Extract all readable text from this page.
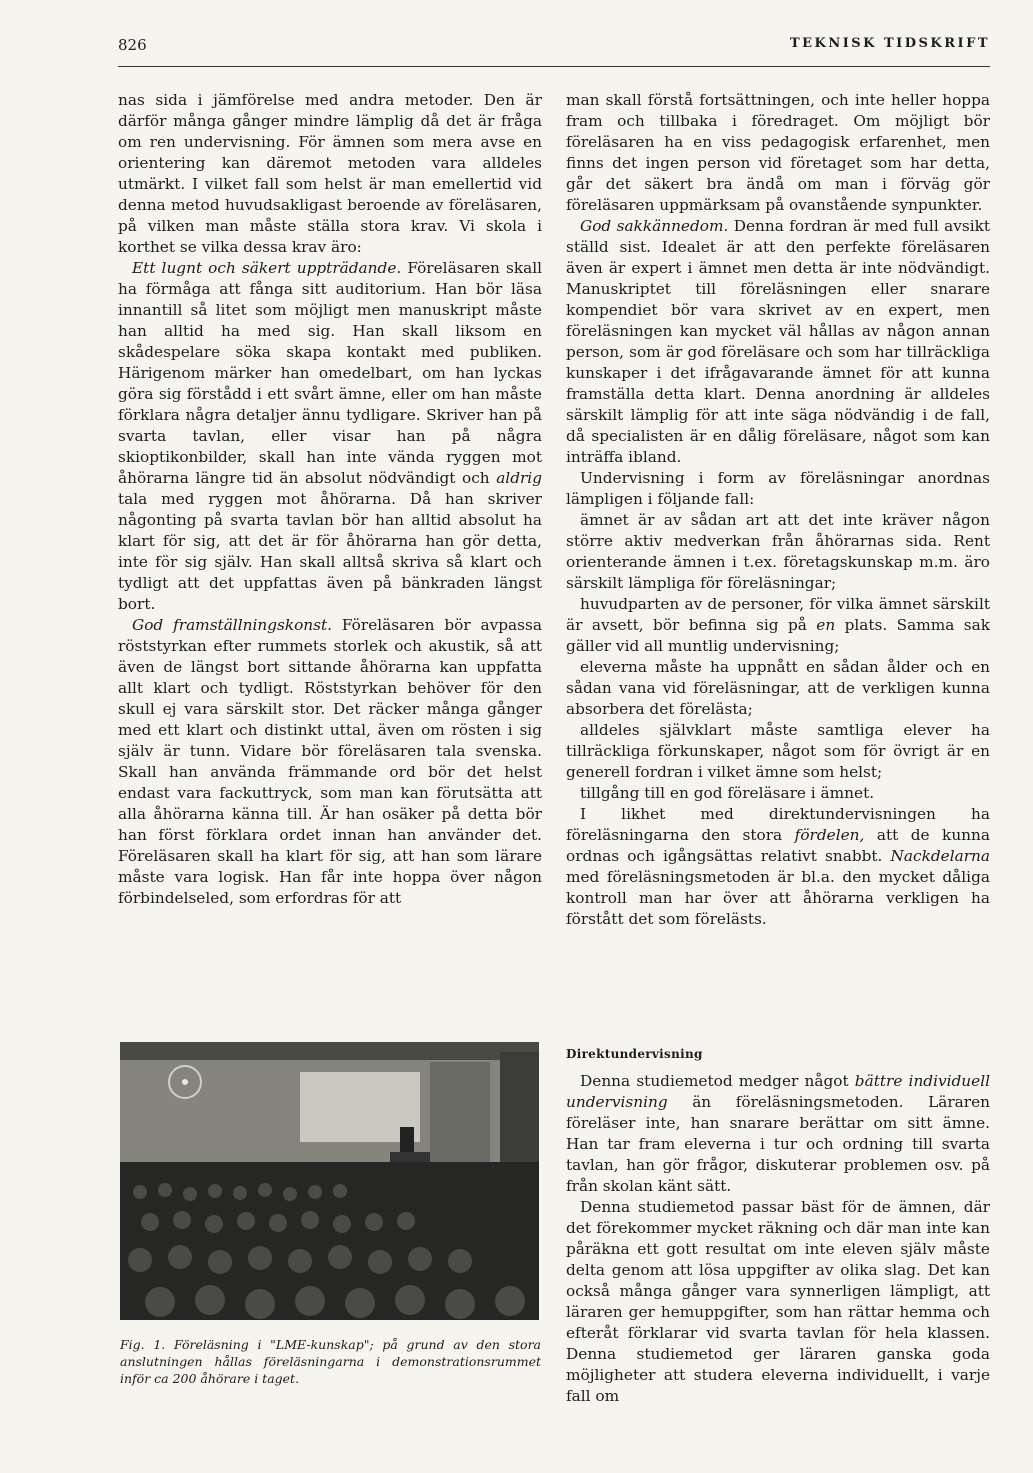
826	TEKNISK TIDSKRIFT

nas sida i jämförelse med andra metoder. Den är därför många gånger mindre lämplig då det är fråga om ren undervisning. För ämnen som mera avse en orientering kan däremot metoden vara alldeles utmärkt. I vilket fall som helst är man emellertid vid denna metod huvudsakligast beroende av föreläsaren, på vilken man måste ställa stora krav. Vi skola i korthet se vilka dessa krav äro:

Ett lugnt och säkert uppträdande. Föreläsaren skall ha förmåga att fånga sitt auditorium. Han bör läsa innantill så litet som möjligt men manuskript måste han alltid ha med sig. Han skall liksom en skådespelare söka skapa kontakt med publiken. Härigenom märker han omedelbart, om han lyckas göra sig förstådd i ett svårt ämne, eller om han måste förklara några detaljer ännu tydligare. Skriver han på svarta tavlan, eller visar han på några skioptikonbilder, skall han inte vända ryggen mot åhörarna längre tid än absolut nödvändigt och aldrig tala med ryggen mot åhörarna. Då han skriver någonting på svarta tavlan bör han alltid absolut ha klart för sig, att det är för åhörarna han gör detta, inte för sig själv. Han skall alltså skriva så klart och tydligt att det uppfattas även på bänkraden längst bort.

God framställningskonst. Föreläsaren bör avpassa röststyrkan efter rummets storlek och akustik, så att även de längst bort sittande åhörarna kan uppfatta allt klart och tydligt. Röststyrkan behöver för den skull ej vara särskilt stor. Det räcker många gånger med ett klart och distinkt uttal, även om rösten i sig själv är tunn. Vidare bör föreläsaren tala svenska. Skall han använda främmande ord bör det helst endast vara fackuttryck, som man kan förutsätta att alla åhörarna känna till. Är han osäker på detta bör han först förklara ordet innan han använder det. Föreläsaren skall ha klart för sig, att han som lärare måste vara logisk. Han får inte hoppa över någon förbindelseled, som erfordras för att

man skall förstå fortsättningen, och inte heller hoppa fram och tillbaka i föredraget. Om möjligt bör föreläsaren ha en viss pedagogisk erfarenhet, men finns det ingen person vid företaget som har detta, går det säkert bra ändå om man i förväg gör föreläsaren uppmärksam på ovanstående synpunkter.

God sakkännedom. Denna fordran är med full avsikt ställd sist. Idealet är att den perfekte föreläsaren även är expert i ämnet men detta är inte nödvändigt. Manuskriptet till föreläsningen eller snarare kompendiet bör vara skrivet av en expert, men föreläsningen kan mycket väl hållas av någon annan person, som är god föreläsare och som har tillräckliga kunskaper i det ifrågavarande ämnet för att kunna framställa detta klart. Denna anordning är alldeles särskilt lämplig för att inte säga nödvändig i de fall, då specialisten är en dålig föreläsare, något som kan inträffa ibland.

Undervisning i form av föreläsningar anordnas lämpligen i följande fall:

ämnet är av sådan art att det inte kräver någon större aktiv medverkan från åhörarnas sida. Rent orienterande ämnen i t.ex. företagskunskap m.m. äro särskilt lämpliga för föreläsningar;

huvudparten av de personer, för vilka ämnet särskilt är avsett, bör befinna sig på en plats. Samma sak gäller vid all muntlig undervisning;

eleverna måste ha uppnått en sådan ålder och en sådan vana vid föreläsningar, att de verkligen kunna absorbera det förelästa;

alldeles självklart måste samtliga elever ha tillräckliga förkunskaper, något som för övrigt är en generell fordran i vilket ämne som helst;

tillgång till en god föreläsare i ämnet.

I likhet med direktundervisningen ha föreläsningarna den stora fördelen, att de kunna ordnas och igångsättas relativt snabbt. Nackdelarna med föreläsningsmetoden är bl.a. den mycket dåliga kontroll man har över att åhörarna verkligen ha förstått det som förelästs.

Direktundervisning

Denna studiemetod medger något bättre individuell undervisning än föreläsningsmetoden. Läraren föreläser inte, han snarare berättar om sitt ämne. Han tar fram eleverna i tur och ordning till svarta tavlan, han gör frågor, diskuterar problemen osv. på från skolan känt sätt.

Denna studiemetod passar bäst för de ämnen, där det förekommer mycket räkning och där man inte kan påräkna ett gott resultat om inte eleven själv måste delta genom att lösa uppgifter av olika slag. Det kan också många gånger vara synnerligen lämpligt, att läraren ger hemuppgifter, som han rättar hemma och efteråt förklarar vid svarta tavlan för hela klassen. Denna studiemetod ger läraren ganska goda möjligheter att studera eleverna individuellt, i varje fall om

Fig. 1. Föreläsning i "LME-kunskap"; på grund av den stora anslutningen hållas föreläsningarna i demonstrationsrummet inför ca 200 åhörare i taget.
